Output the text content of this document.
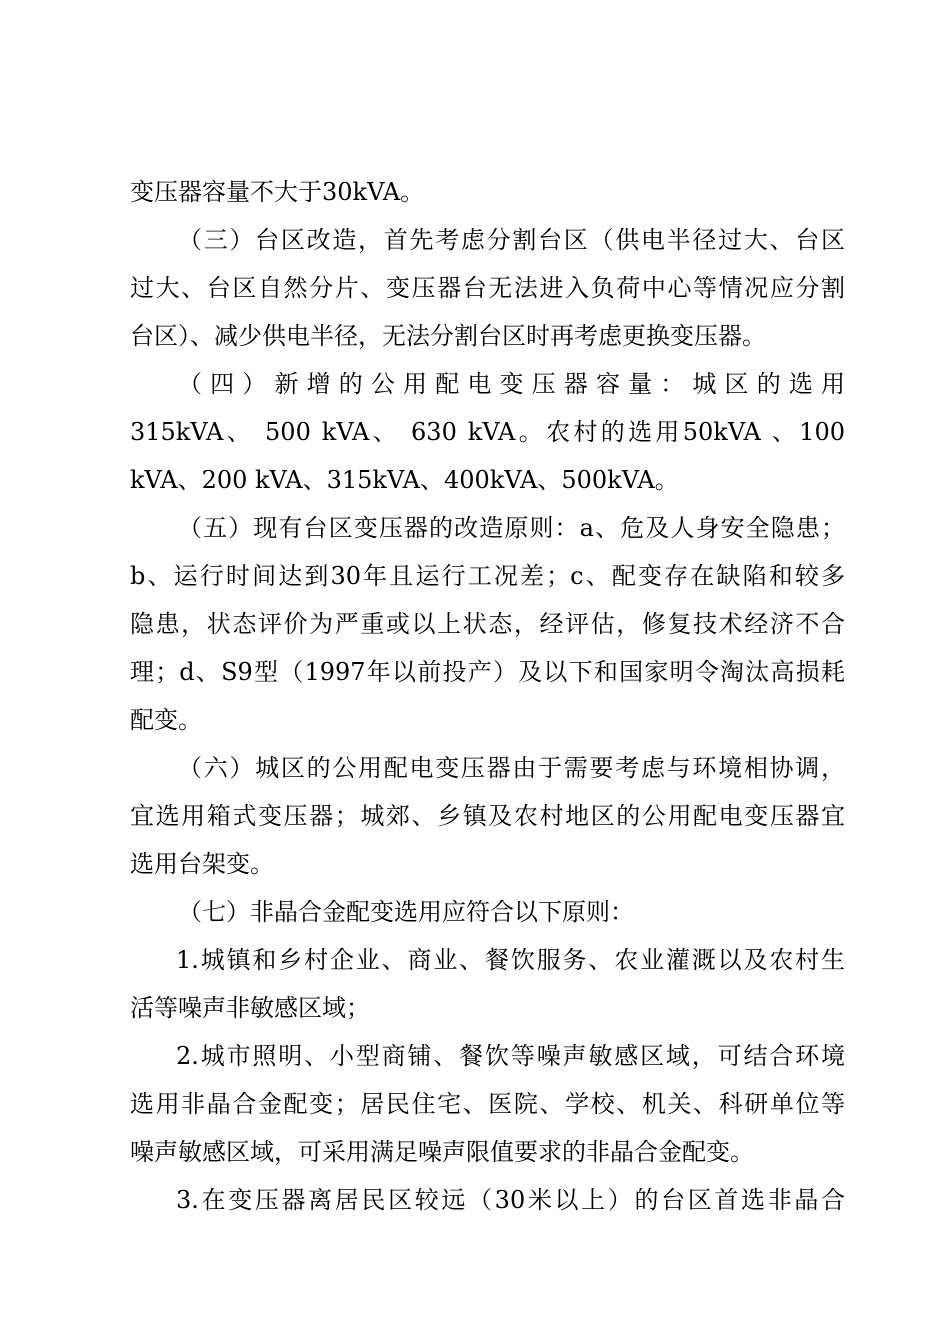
变压器容量不大于30kVA。
（三）台区改造，首先考虑分割台区（供电半径过大、台区
过大、台区自然分片、变压器台无法进入负荷中心等情况应分割
台区）、减少供电半径，无法分割台区时再考虑更换变压器。
（四）新增的公用配电变压器容量：城区的选用
315kVA、 500 kVA、 630 kVA。农村的选用50kVA 、100
kVA、200 kVA、315kVA、400kVA、500kVA。
（五）现有台区变压器的改造原则：a、危及人身安全隐患；
b、运行时间达到30年且运行工况差；c、配变存在缺陷和较多
隐患，状态评价为严重或以上状态，经评估，修复技术经济不合
理；d、S9型（1997年以前投产）及以下和国家明令淘汰高损耗
配变。
（六）城区的公用配电变压器由于需要考虑与环境相协调，
宜选用箱式变压器；城郊、乡镇及农村地区的公用配电变压器宜
选用台架变。
（七）非晶合金配变选用应符合以下原则：
1.城镇和乡村企业、商业、餐饮服务、农业灌溉以及农村生
活等噪声非敏感区域；
2.城市照明、小型商铺、餐饮等噪声敏感区域，可结合环境
选用非晶合金配变；居民住宅、医院、学校、机关、科研单位等
噪声敏感区域，可采用满足噪声限值要求的非晶合金配变。
3.在变压器离居民区较远（30米以上）的台区首选非晶合
